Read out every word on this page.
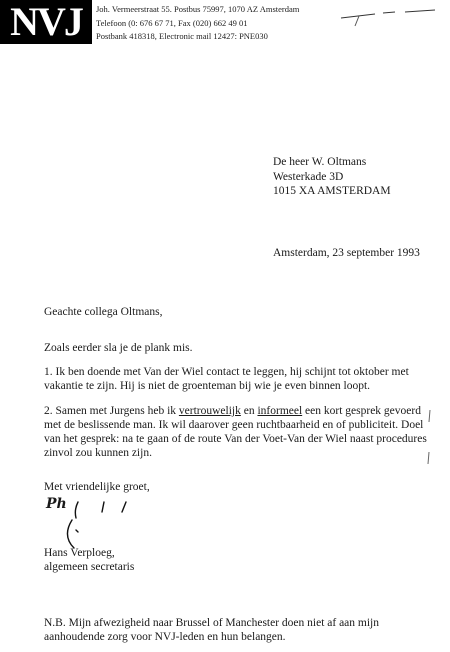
NVJ	Joh. Vermeerstraat 55. Postbus 75997, 1070 AZ Amsterdam

Telefoon (0: 676 67 71, Fax (020) 662 49 01

Postbank 418318, Electronic mail 12427: PNE030

De heer W. Oltmans

Westerkade 3D

1015 XA AMSTERDAM

Amsterdam, 23 september 1993

Geachte collega Oltmans,

Zoals eerder sla je de plank mis.

1. Ik ben doende met Van der Wiel contact te leggen, hij schijnt tot oktober met vakantie te zijn. Hij is niet de groenteman bij wie je even binnen loopt.

2. Samen met Jurgens heb ik vertrouwelijk en informeel een kort gesprek gevoerd met de beslissende man. Ik wil daarover geen ruchtbaarheid en of publiciteit. Doel van het gesprek: na te gaan of de route Van der Voet-Van der Wiel naast procedures zinvol zou kunnen zijn.

Met vriendelijke groet,

Ph

Hans Verploeg,

algemeen secretaris

N.B. Mijn afwezigheid naar Brussel of Manchester doen niet af aan mijn aanhoudende zorg voor NVJ-leden en hun belangen.
